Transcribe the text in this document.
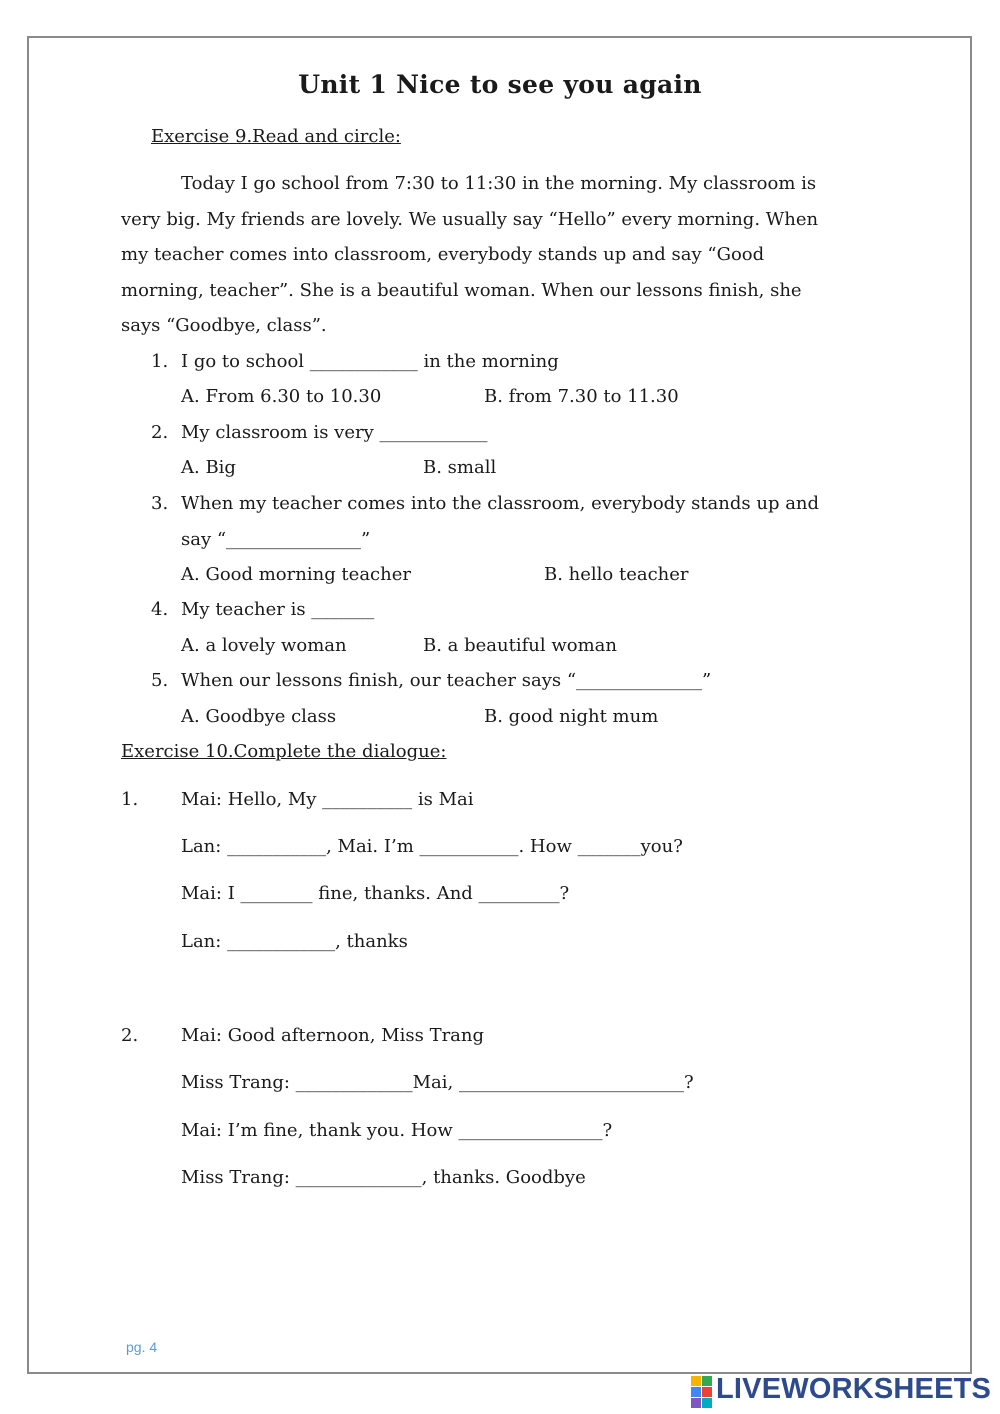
Unit 1 Nice to see you again
Exercise 9.Read and circle:
Today I go school from 7:30 to 11:30 in the morning. My classroom is
very big. My friends are lovely. We usually say “Hello” every morning. When
my teacher comes into classroom, everybody stands up and say “Good
morning, teacher”. She is a beautiful woman. When our lessons finish, she
says “Goodbye, class”.
1. I go to school ____________ in the morning
A. From 6.30 to 10.30	B. from 7.30 to 11.30
2. My classroom is very ____________
A. Big	B. small
3. When my teacher comes into the classroom, everybody stands up and
say “_______________”
A. Good morning teacher	B. hello teacher
4. My teacher is _______
A. a lovely woman	B. a beautiful woman
5. When our lessons finish, our teacher says “______________”
A. Goodbye class	B. good night mum
Exercise 10.Complete the dialogue:
1. Mai: Hello, My __________ is Mai
Lan: ___________, Mai. I’m ___________. How _______you?
Mai: I ________ fine, thanks. And _________?
Lan: ____________, thanks
2. Mai: Good afternoon, Miss Trang
Miss Trang: _____________Mai, _________________________?
Mai: I’m fine, thank you. How ________________?
Miss Trang: ______________, thanks. Goodbye
pg. 4
LIVEWORKSHEETS
